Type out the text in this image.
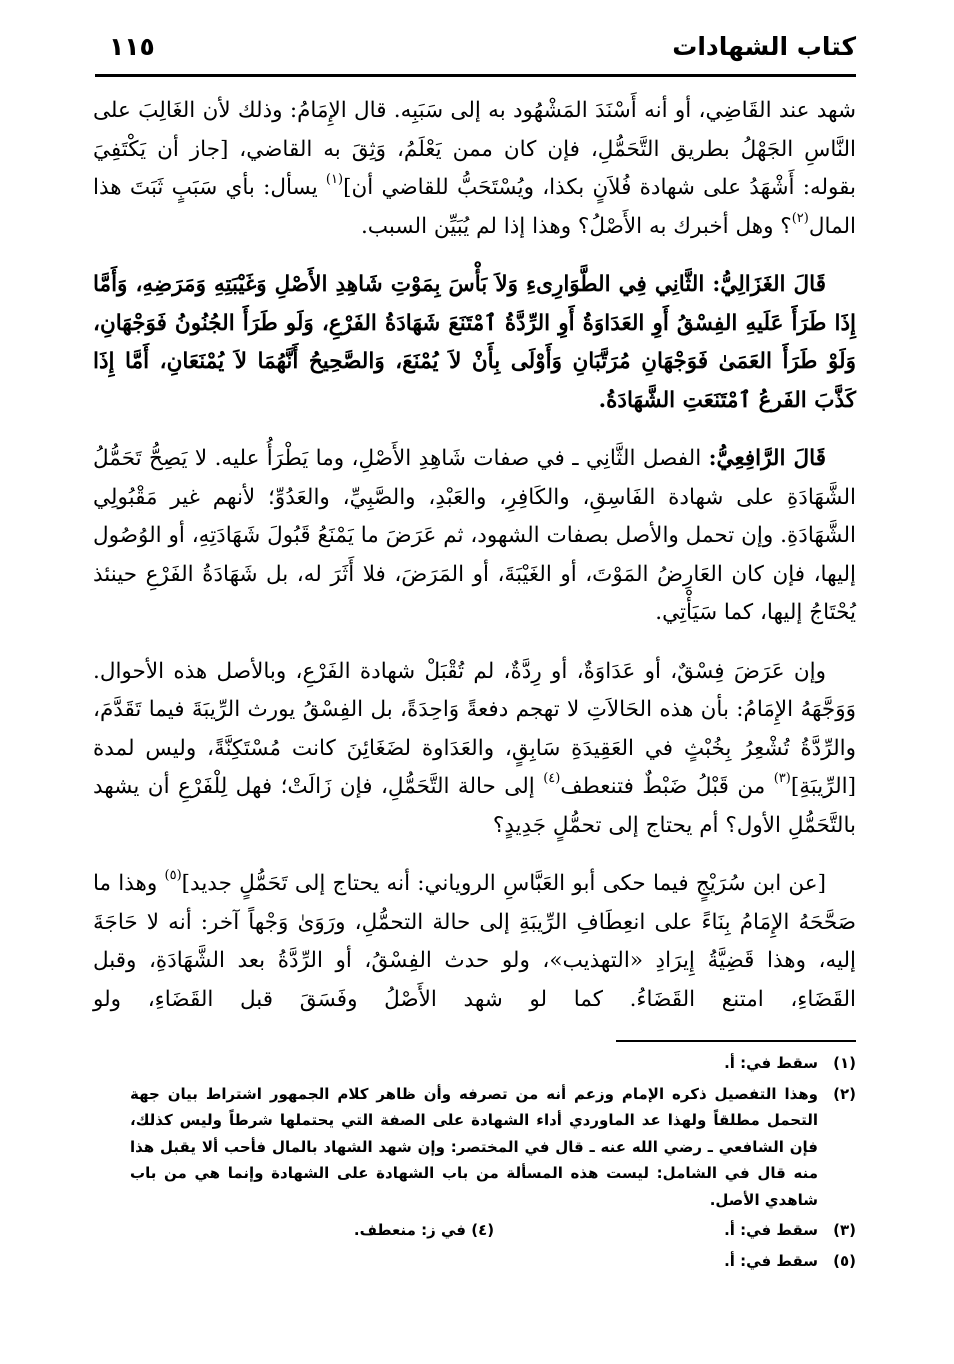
كتاب الشهادات
١١٥

شهد عند القَاضِي، أو أنه أَسْنَدَ المَشْهُود به إلى سَبَبِه. قال الإِمَامُ: وذلك لأن الغَالِبَ على النَّاسِ الجَهْلُ بطريق التَّحَمُّلِ، فإن كان ممن يَعْلَمُ، وَثِقَ به القاضي، [جاز أن يَكْتَفِيَ بقوله: أَشْهَدُ على شهادة فُلاَنٍ بكذا، ويُسْتَحَبُّ للقاضي أن]$^{(١)}$ يسأل: بأي سَبَبٍ ثَبَتَ هذا المال$^{(٢)}$؟ وهل أخبرك به الأَصْلُ؟ وهذا إذا لم يُبَيِّن السبب.

قَالَ الغَزَالِيُّ: الثَّانِي فِي الطَّوَارِىءِ وَلاَ بَأْسَ بِمَوْتِ شَاهِدِ الأَصْلِ وَغَيْبَتِهِ وَمَرَضِهِ، وَأَمَّا إِذَا طَرَأَ عَلَيهِ الفِسْقُ أَوِ العَدَاوَةُ أَوِ الرِّدَّةُ ٱمْتَنَعَ شَهَادَةُ الفَرْعِ، وَلَو طَرَأَ الجُنُونُ فَوَجْهَانِ، وَلَوْ طَرَأَ العَمَىٰ فَوَجْهَانِ مُرَتَّبَانِ وَأَوْلَى بِأَنْ لاَ يُمْنَعَ، وَالصَّحِيحُ أَنَّهُمَا لاَ يُمْنَعَانِ، أَمَّا إِذَا كَذَّبَ الفَرعُ ٱمْتَنَعَتِ الشَّهَادَةُ.

قَالَ الرَّافِعِيُّ: الفصل الثَّانِي ـ في صفات شَاهِدِ الأَصْلِ، وما يَطْرَأُ عليه. لا يَصِحُّ تَحَمُّلُ الشَّهَادَةِ على شهادة الفَاسِقِ، والكَافِرِ، والعَبْدِ، والصَّبِيِّ، والعَدُوِّ؛ لأنهم غير مَقْبُولِي الشَّهَادَةِ. وإن تحمل والأصل بصفات الشهود، ثم عَرَضَ ما يَمْنَعُ قَبُولَ شَهَادَتِهِ، أو الوُصُول إليها، فإن كان العَارِضُ المَوْتَ، أو الغَيْبَةَ، أو المَرَضَ، فلا أَثَرَ له، بل شَهَادَةُ الفَرْعِ حينئذ يُحْتَاجُ إليها، كما سَيَأْتِي.

وإن عَرَضَ فِسْقٌ، أو عَدَاوَةٌ، أو رِدَّةٌ، لم تُقْبَلْ شهادة الفَرْعِ، وبالأصل هذه الأحوال. وَوَجَّهَهُ الإِمَامُ: بأن هذه الحَالاَتِ لا تهجم دفعةً وَاحِدَةً، بل الفِسْقُ يورث الرِّيبَةَ فيما تَقَدَّمَ، والرِّدَّةُ تُشْعِرُ بِخُبْثٍ في العَقِيدَةِ سَابِقٍ، والعَدَاوة لضَغَائِنَ كانت مُسْتَكِنَّةً، وليس لمدة [الرِّيبَةِ]$^{(٣)}$ من قَبْلُ ضَبْطٌ فتنعطف$^{(٤)}$ إلى حالة التَّحَمُّلِ، فإن زَالَتْ؛ فهل لِلْفَرْعِ أن يشهد بالتَّحَمُّلِ الأول؟ أم يحتاج إلى تحمُّلٍ جَدِيدٍ؟

[عن ابن سُرَيْجٍ فيما حكى أبو العَبَّاسِ الروياني: أنه يحتاج إلى تَحَمُّلٍ جديد]$^{(٥)}$ وهذا ما صَحَّحَهُ الإِمَامُ بِنَاءً على انعِطَافِ الرِّيبَةِ إلى حالة التحمُّلِ، ورَوَىٰ وَجْهاً آخر: أنه لا حَاجَةَ إليه، وهذا قَضِيَّةُ إِيرَادِ «التهذيب»، ولو حدث الفِسْقُ، أو الرِّدَّةُ بعد الشَّهَادَةِ، وقبل القَضَاءِ، امتنع القَضَاءُ. كما لو شهد الأَصْلُ وفَسَقَ قبل القَضَاءِ، ولو

(١)
سقط في: أ.
(٢)
وهذا التفصيل ذكره الإمام وزعم أنه من تصرفه وأن ظاهر كلام الجمهور اشتراط بيان جهة التحمل مطلقاً ولهذا عد الماوردي أداء الشهادة على الصفة التي يحتملها شرطاً وليس كذلك، فإن الشافعي ـ رضي الله عنه ـ قال في المختصر: وإن شهد الشهاد بالمال فأحب ألا يقبل هذا منه قال في الشامل: ليست هذه المسألة من باب الشهادة على الشهادة وإنما هي من باب شاهدي الأصل.
(٣)
سقط في: أ.(٤) في ز: منعطف.
(٥)
سقط في: أ.
